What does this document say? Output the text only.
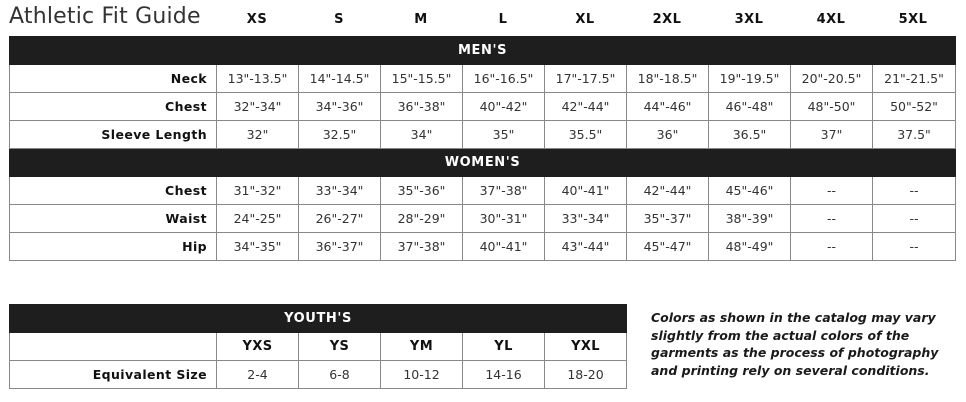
Athletic Fit Guide	XS	S	M	L	XL	2XL	3XL	4XL	5XL
MEN'S									
Neck	13"-13.5"	14"-14.5"	15"-15.5"	16"-16.5"	17"-17.5"	18"-18.5"	19"-19.5"	20"-20.5"	21"-21.5"
Chest	32"-34"	34"-36"	36"-38"	40"-42"	42"-44"	44"-46"	46"-48"	48"-50"	50"-52"
Sleeve Length	32"	32.5"	34"	35"	35.5"	36"	36.5"	37"	37.5"
WOMEN'S									
Chest	31"-32"	33"-34"	35"-36"	37"-38"	40"-41"	42"-44"	45"-46"	--	--
Waist	24"-25"	26"-27"	28"-29"	30"-31"	33"-34"	35"-37"	38"-39"	--	--
Hip	34"-35"	36"-37"	37"-38"	40"-41"	43"-44"	45"-47"	48"-49"	--	--
YOUTH'S					
	YXS	YS	YM	YL	YXL
Equivalent Size	2-4	6-8	10-12	14-16	18-20
Colors as shown in the catalog may vary slightly from the actual colors of the garments as the process of photography and printing rely on several conditions.
